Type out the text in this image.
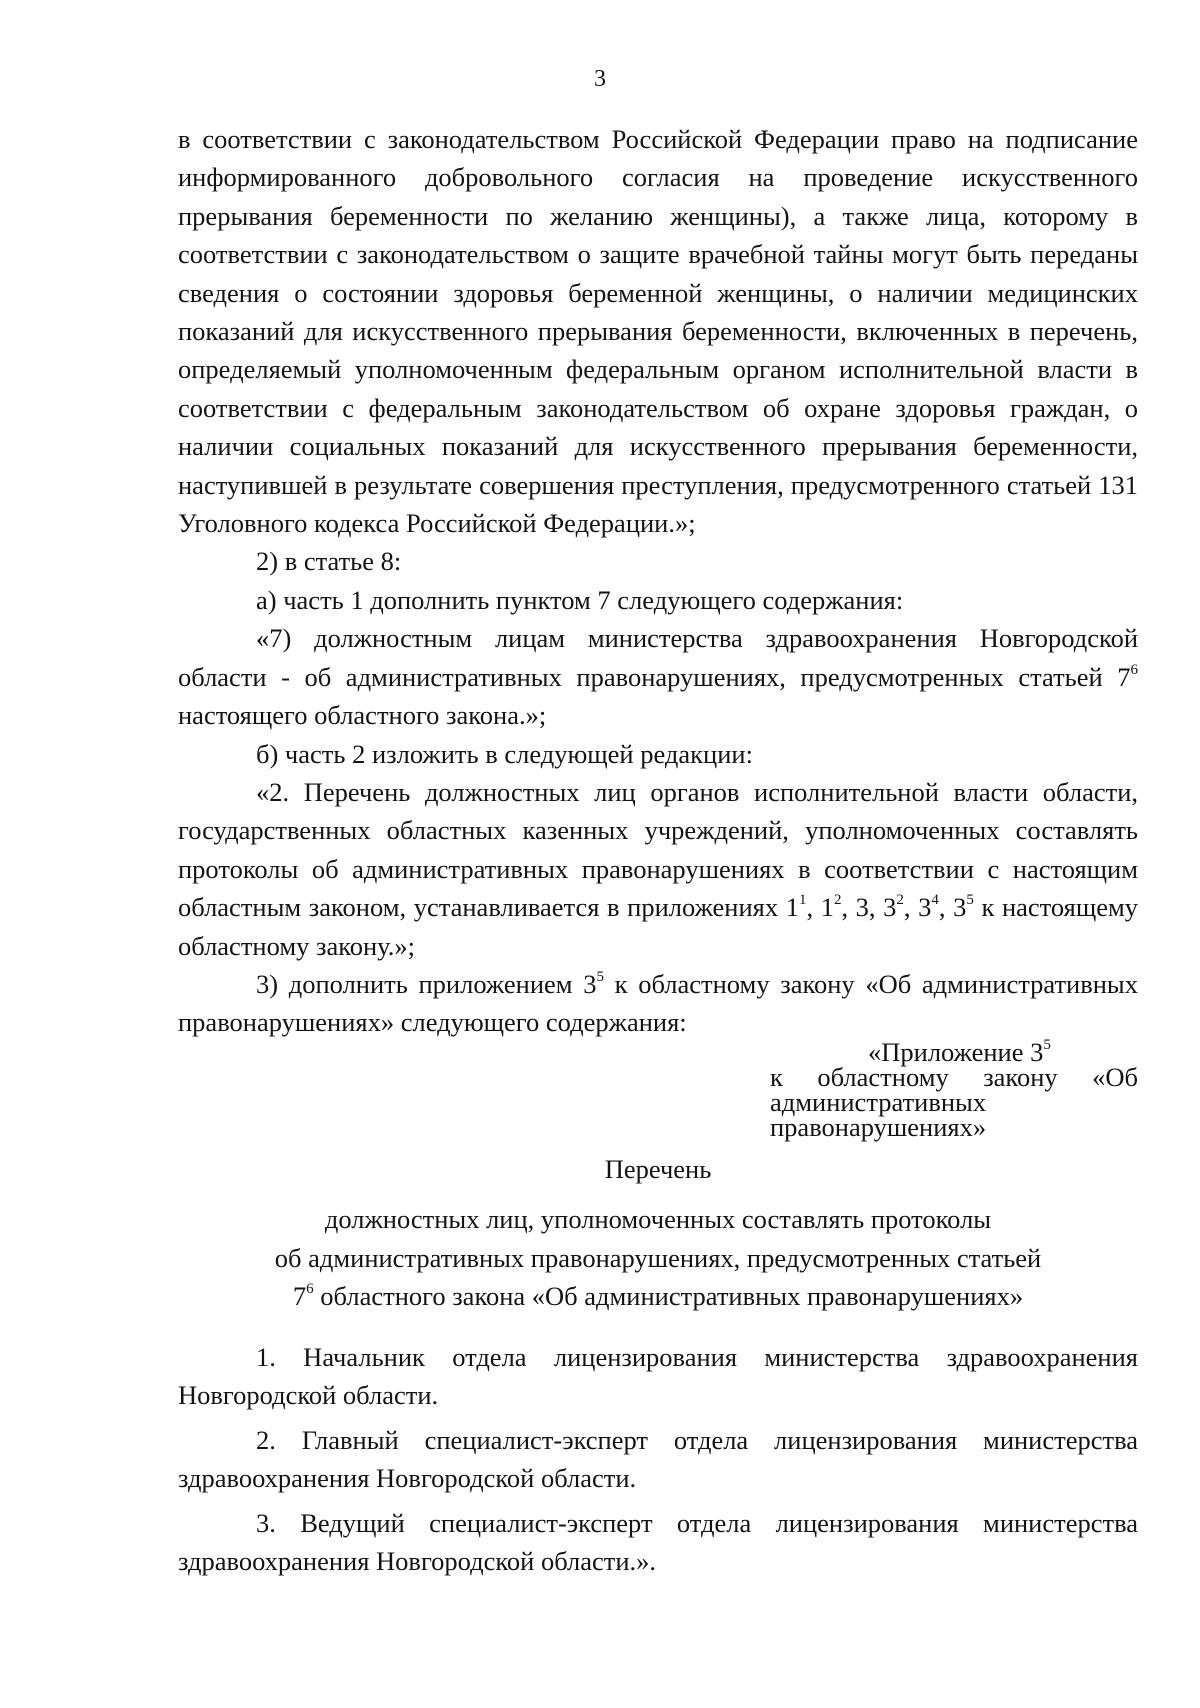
3

в соответствии с законодательством Российской Федерации право на подписание информированного добровольного согласия на проведение искусственного прерывания беременности по желанию женщины), а также лица, которому в соответствии с законодательством о защите врачебной тайны могут быть переданы сведения о состоянии здоровья беременной женщины, о наличии медицинских показаний для искусственного прерывания беременности, включенных в перечень, определяемый уполномоченным федеральным органом исполнительной власти в соответствии с федеральным законодательством об охране здоровья граждан, о наличии социальных показаний для искусственного прерывания беременности, наступившей в результате совершения преступления, предусмотренного статьей 131 Уголовного кодекса Российской Федерации.»;

2) в статье 8:

а) часть 1 дополнить пунктом 7 следующего содержания:

«7) должностным лицам министерства здравоохранения Новгородской области - об административных правонарушениях, предусмотренных статьей $7^6$ настоящего областного закона.»;

б) часть 2 изложить в следующей редакции:

«2. Перечень должностных лиц органов исполнительной власти области, государственных областных казенных учреждений, уполномоченных составлять протоколы об административных правонарушениях в соответствии с настоящим областным законом, устанавливается в приложениях $1^1$, $1^2$, 3, $3^2$, $3^4$, $3^5$ к настоящему областному закону.»;

3) дополнить приложением $3^5$ к областному закону «Об административных правонарушениях» следующего содержания:

«Приложение $3^5$
к областному закону «Об административных правонарушениях»
Перечень
должностных лиц, уполномоченных составлять протоколы
об административных правонарушениях, предусмотренных статьей
$7^6$ областного закона «Об административных правонарушениях»

1. Начальник отдела лицензирования министерства здравоохранения Новгородской области.

2. Главный специалист-эксперт отдела лицензирования министерства здравоохранения Новгородской области.

3. Ведущий специалист-эксперт отдела лицензирования министерства здравоохранения Новгородской области.».
